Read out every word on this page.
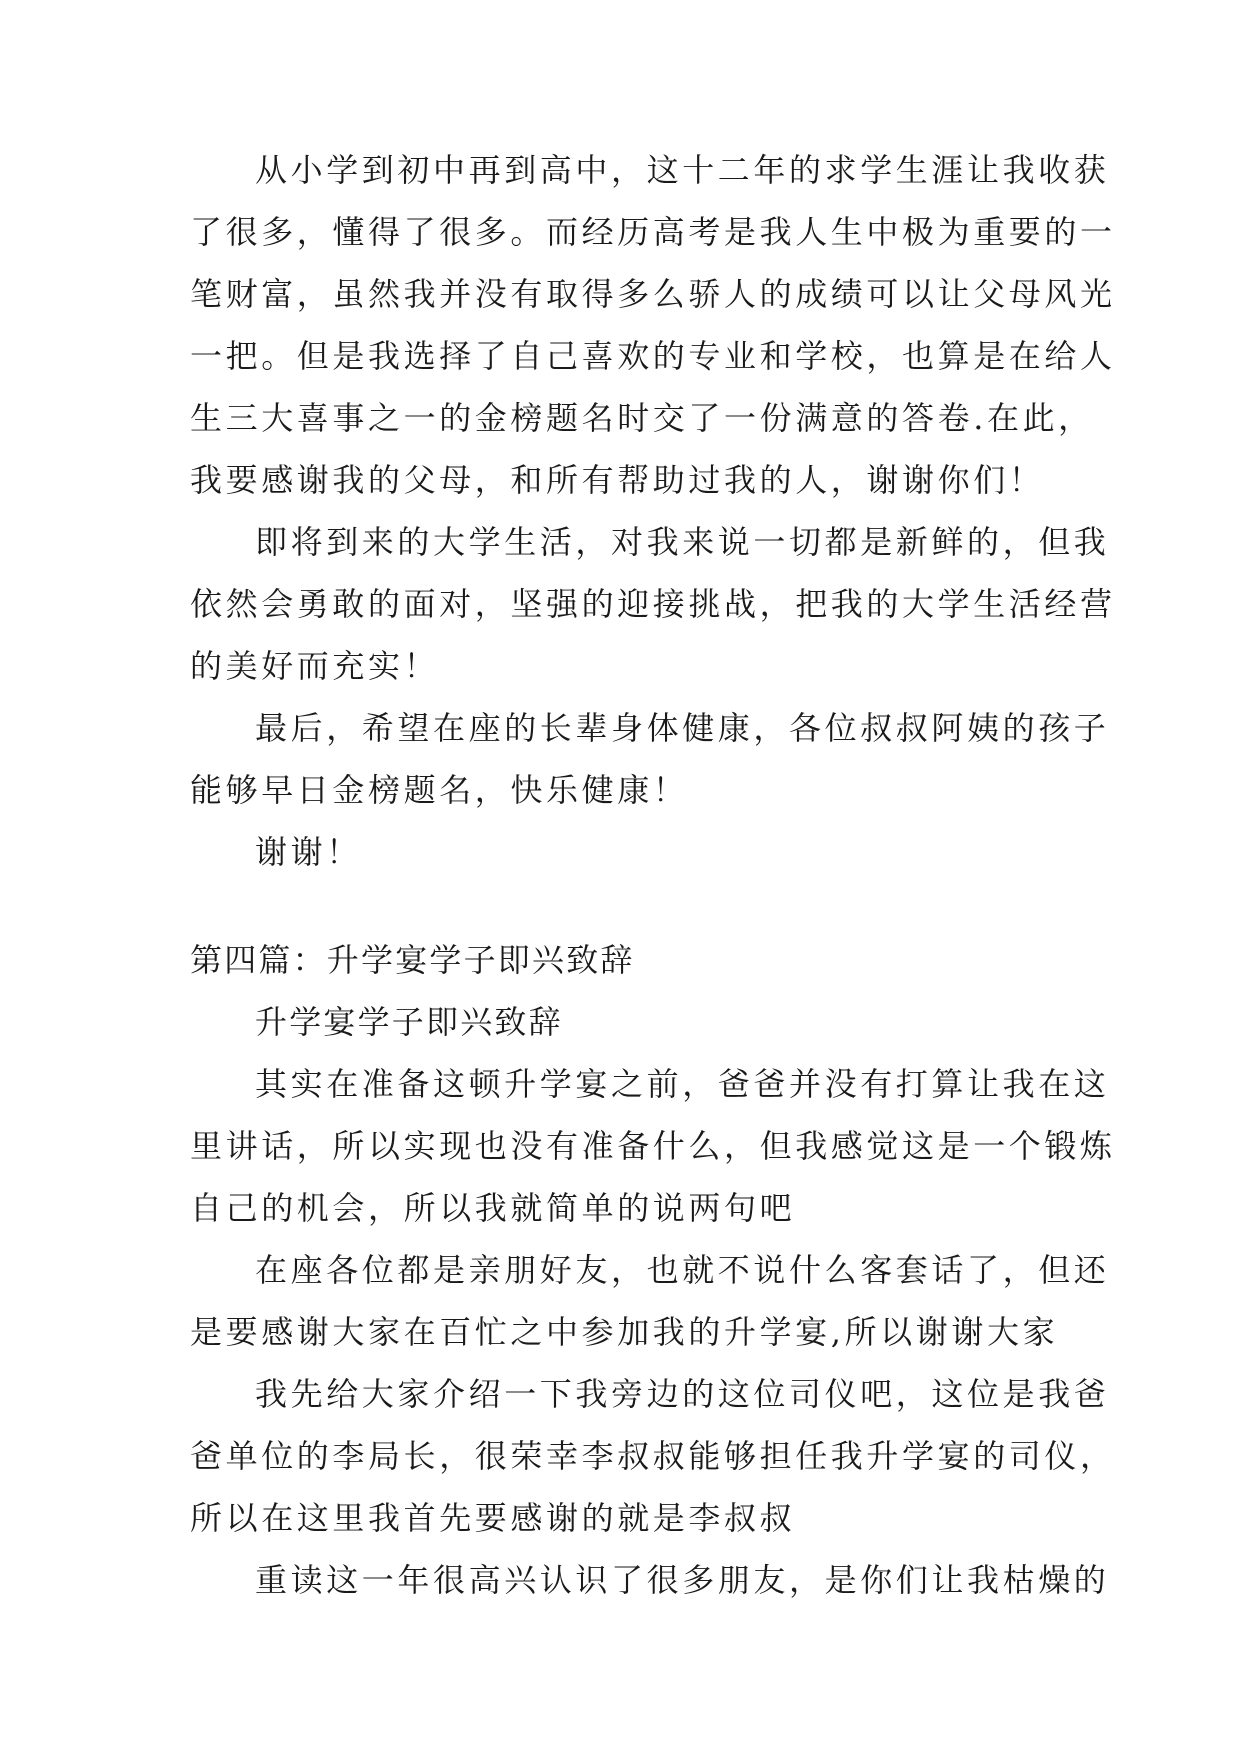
从小学到初中再到高中，这十二年的求学生涯让我收获
了很多，懂得了很多。而经历高考是我人生中极为重要的一
笔财富，虽然我并没有取得多么骄人的成绩可以让父母风光
一把。但是我选择了自己喜欢的专业和学校，也算是在给人
生三大喜事之一的金榜题名时交了一份满意的答卷.在此，
我要感谢我的父母，和所有帮助过我的人，谢谢你们！
即将到来的大学生活，对我来说一切都是新鲜的，但我
依然会勇敢的面对，坚强的迎接挑战，把我的大学生活经营
的美好而充实！
最后，希望在座的长辈身体健康，各位叔叔阿姨的孩子
能够早日金榜题名，快乐健康！
谢谢！
第四篇：升学宴学子即兴致辞
升学宴学子即兴致辞
其实在准备这顿升学宴之前，爸爸并没有打算让我在这
里讲话，所以实现也没有准备什么，但我感觉这是一个锻炼
自己的机会，所以我就简单的说两句吧
在座各位都是亲朋好友，也就不说什么客套话了，但还
是要感谢大家在百忙之中参加我的升学宴,所以谢谢大家
我先给大家介绍一下我旁边的这位司仪吧，这位是我爸
爸单位的李局长，很荣幸李叔叔能够担任我升学宴的司仪，
所以在这里我首先要感谢的就是李叔叔
重读这一年很高兴认识了很多朋友，是你们让我枯燥的
